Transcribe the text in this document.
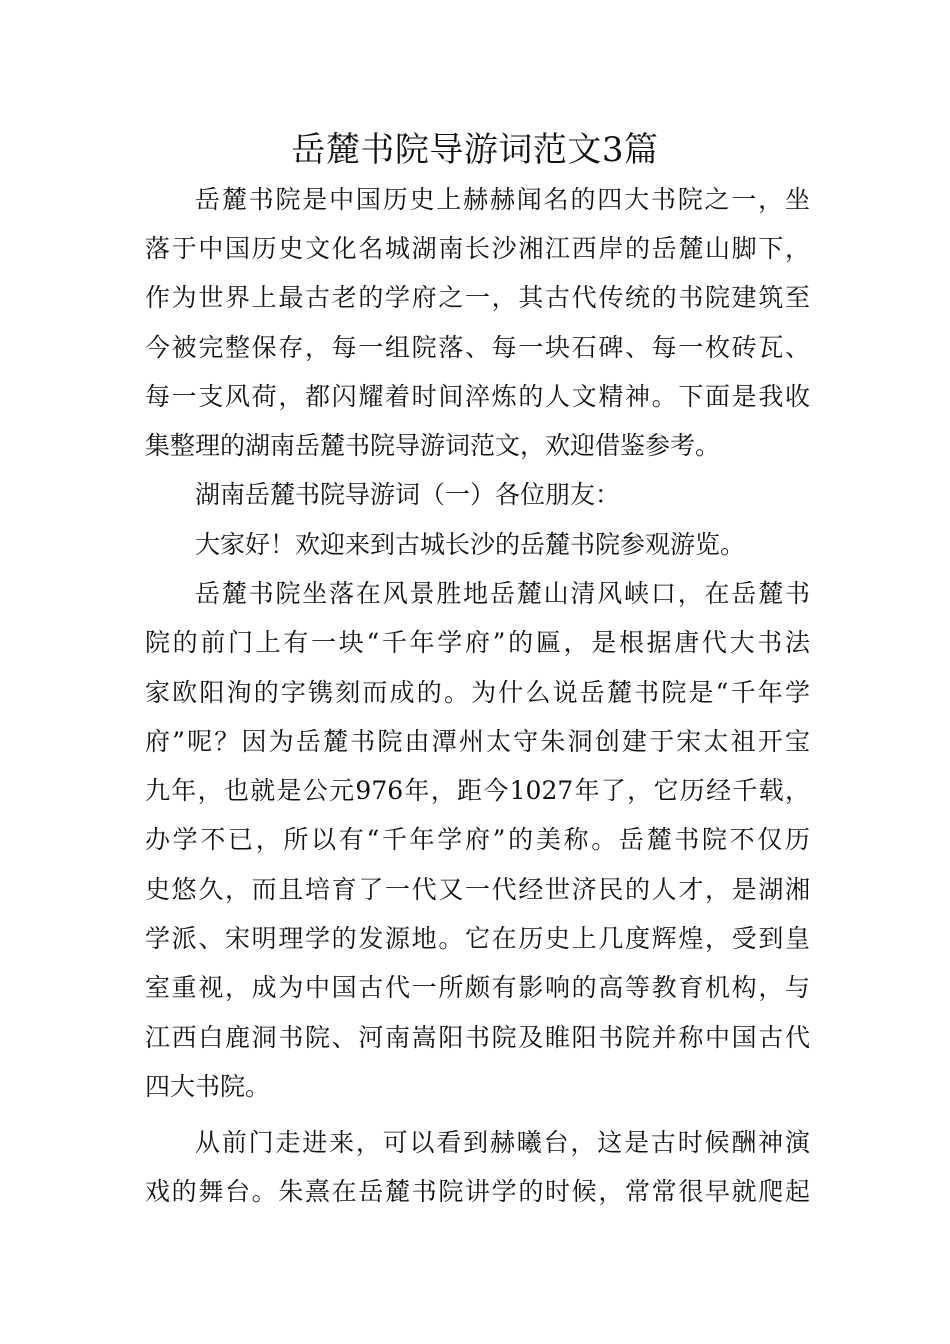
岳麓书院导游词范文3篇
岳麓书院是中国历史上赫赫闻名的四大书院之一，坐
落于中国历史文化名城湖南长沙湘江西岸的岳麓山脚下，
作为世界上最古老的学府之一，其古代传统的书院建筑至
今被完整保存，每一组院落、每一块石碑、每一枚砖瓦、
每一支风荷，都闪耀着时间淬炼的人文精神。下面是我收
集整理的湖南岳麓书院导游词范文，欢迎借鉴参考。
湖南岳麓书院导游词（一）各位朋友：
大家好！欢迎来到古城长沙的岳麓书院参观游览。
岳麓书院坐落在风景胜地岳麓山清风峡口，在岳麓书
院的前门上有一块“千年学府”的匾，是根据唐代大书法
家欧阳洵的字镌刻而成的。为什么说岳麓书院是“千年学
府”呢？因为岳麓书院由潭州太守朱洞创建于宋太祖开宝
九年，也就是公元976年，距今1027年了，它历经千载，
办学不已，所以有“千年学府”的美称。岳麓书院不仅历
史悠久，而且培育了一代又一代经世济民的人才，是湖湘
学派、宋明理学的发源地。它在历史上几度辉煌，受到皇
室重视，成为中国古代一所颇有影响的高等教育机构，与
江西白鹿洞书院、河南嵩阳书院及睢阳书院并称中国古代
四大书院。
从前门走进来，可以看到赫曦台，这是古时候酬神演
戏的舞台。朱熹在岳麓书院讲学的时候，常常很早就爬起
